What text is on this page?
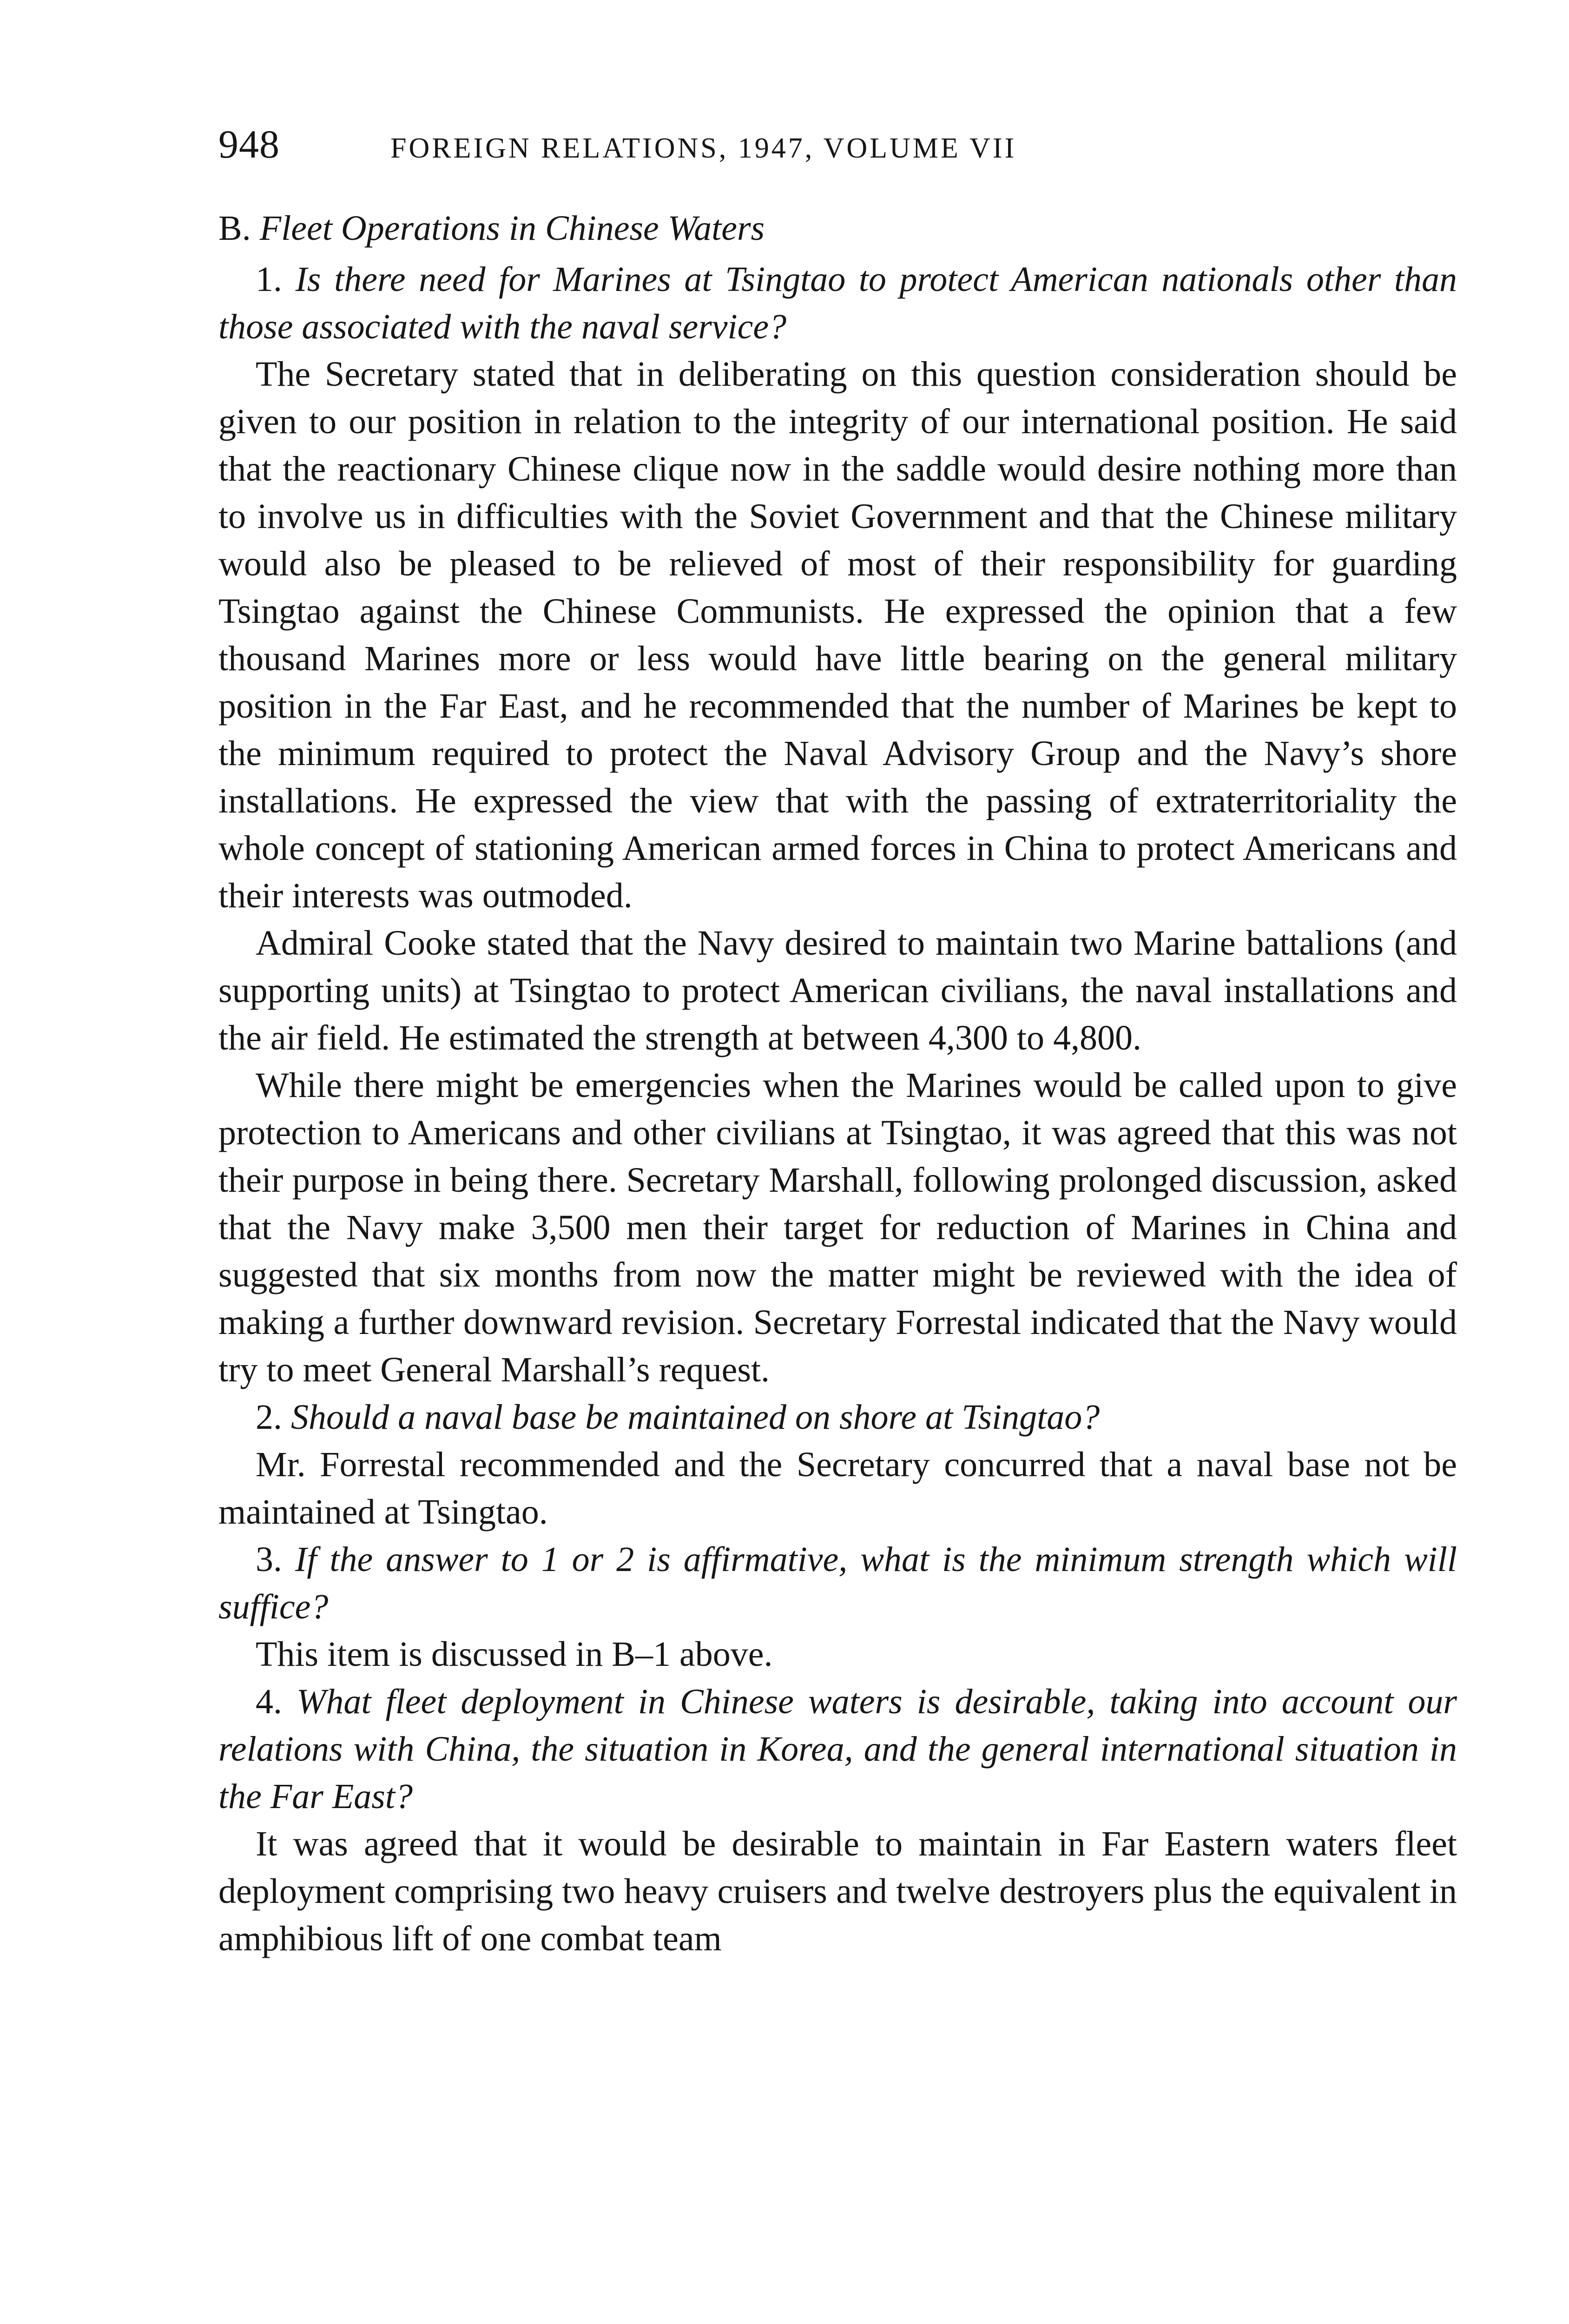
948	FOREIGN RELATIONS, 1947, VOLUME VII
B. Fleet Operations in Chinese Waters

1. Is there need for Marines at Tsingtao to protect American nationals other than those associated with the naval service?

The Secretary stated that in deliberating on this question consideration should be given to our position in relation to the integrity of our international position. He said that the reactionary Chinese clique now in the saddle would desire nothing more than to involve us in difficulties with the Soviet Government and that the Chinese military would also be pleased to be relieved of most of their responsibility for guarding Tsingtao against the Chinese Communists. He expressed the opinion that a few thousand Marines more or less would have little bearing on the general military position in the Far East, and he recommended that the number of Marines be kept to the minimum required to protect the Naval Advisory Group and the Navy’s shore installations. He expressed the view that with the passing of extraterritoriality the whole concept of stationing American armed forces in China to protect Americans and their interests was outmoded.

Admiral Cooke stated that the Navy desired to maintain two Marine battalions (and supporting units) at Tsingtao to protect American civilians, the naval installations and the air field. He estimated the strength at between 4,300 to 4,800.

While there might be emergencies when the Marines would be called upon to give protection to Americans and other civilians at Tsingtao, it was agreed that this was not their purpose in being there. Secretary Marshall, following prolonged discussion, asked that the Navy make 3,500 men their target for reduction of Marines in China and suggested that six months from now the matter might be reviewed with the idea of making a further downward revision. Secretary Forrestal indicated that the Navy would try to meet General Marshall’s request.

2. Should a naval base be maintained on shore at Tsingtao?

Mr. Forrestal recommended and the Secretary concurred that a naval base not be maintained at Tsingtao.

3. If the answer to 1 or 2 is affirmative, what is the minimum strength which will suffice?

This item is discussed in B–1 above.

4. What fleet deployment in Chinese waters is desirable, taking into account our relations with China, the situation in Korea, and the general international situation in the Far East?

It was agreed that it would be desirable to maintain in Far Eastern waters fleet deployment comprising two heavy cruisers and twelve destroyers plus the equivalent in amphibious lift of one combat team
